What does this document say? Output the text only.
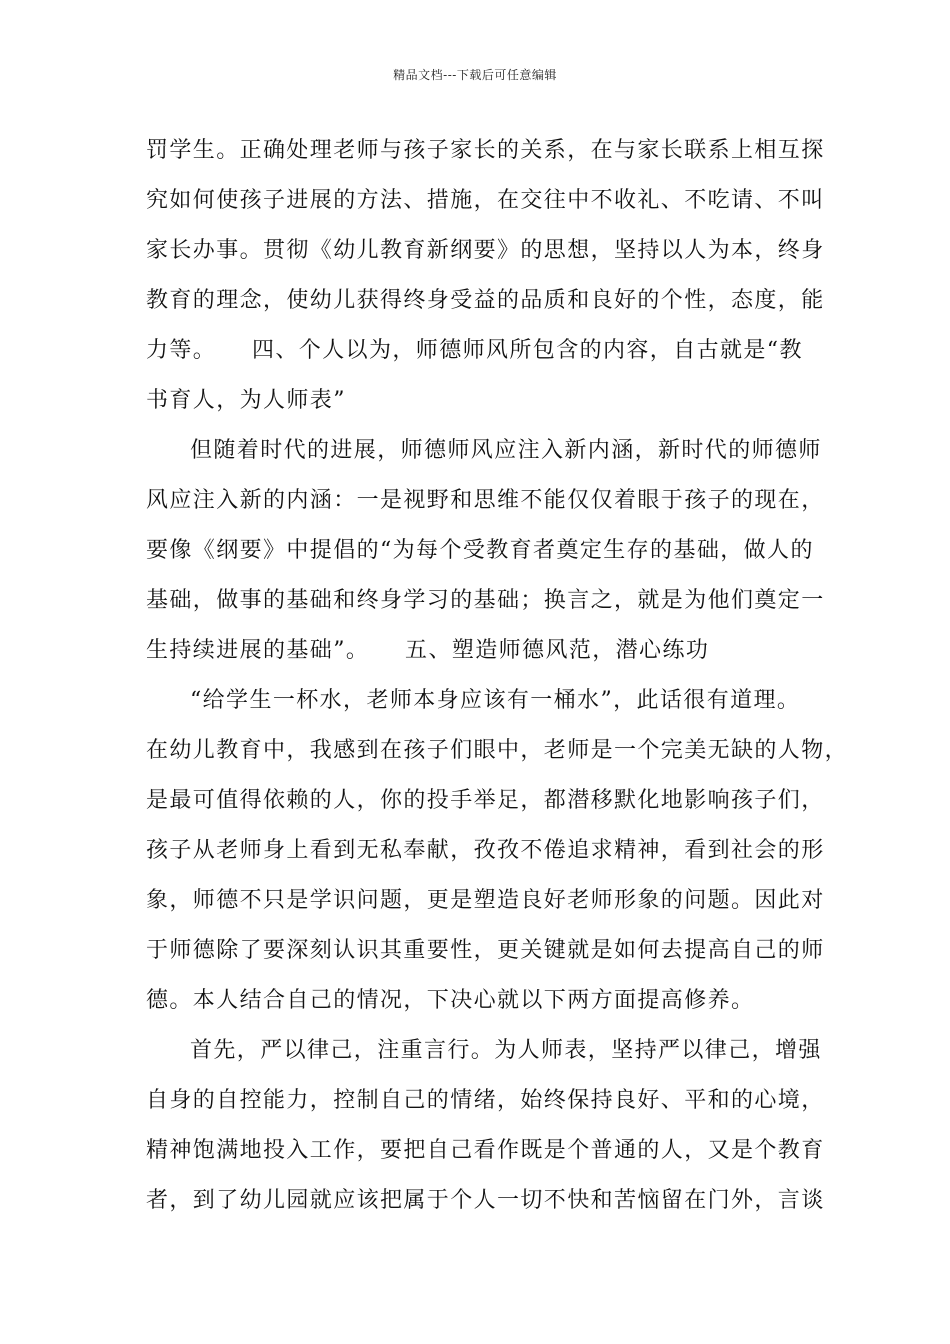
精品文档---下载后可任意编辑
罚学生。正确处理老师与孩子家长的关系，在与家长联系上相互探
究如何使孩子进展的方法、措施，在交往中不收礼、不吃请、不叫
家长办事。贯彻《幼儿教育新纲要》的思想，坚持以人为本，终身
教育的理念，使幼儿获得终身受益的品质和良好的个性，态度，能
力等。　　四、个人以为，师德师风所包含的内容，自古就是“教
书育人，为人师表”
但随着时代的进展，师德师风应注入新内涵，新时代的师德师
风应注入新的内涵：一是视野和思维不能仅仅着眼于孩子的现在，
要像《纲要》中提倡的“为每个受教育者奠定生存的基础，做人的
基础，做事的基础和终身学习的基础；换言之，就是为他们奠定一
生持续进展的基础”。　　五、塑造师德风范，潜心练功
“给学生一杯水，老师本身应该有一桶水”，此话很有道理。
在幼儿教育中，我感到在孩子们眼中，老师是一个完美无缺的人物，
是最可值得依赖的人，你的投手举足，都潜移默化地影响孩子们，
孩子从老师身上看到无私奉献，孜孜不倦追求精神，看到社会的形
象，师德不只是学识问题，更是塑造良好老师形象的问题。因此对
于师德除了要深刻认识其重要性，更关键就是如何去提高自己的师
德。本人结合自己的情况，下决心就以下两方面提高修养。
首先，严以律己，注重言行。为人师表，坚持严以律己，增强
自身的自控能力，控制自己的情绪，始终保持良好、平和的心境，
精神饱满地投入工作，要把自己看作既是个普通的人，又是个教育
者，到了幼儿园就应该把属于个人一切不快和苦恼留在门外，言谈
